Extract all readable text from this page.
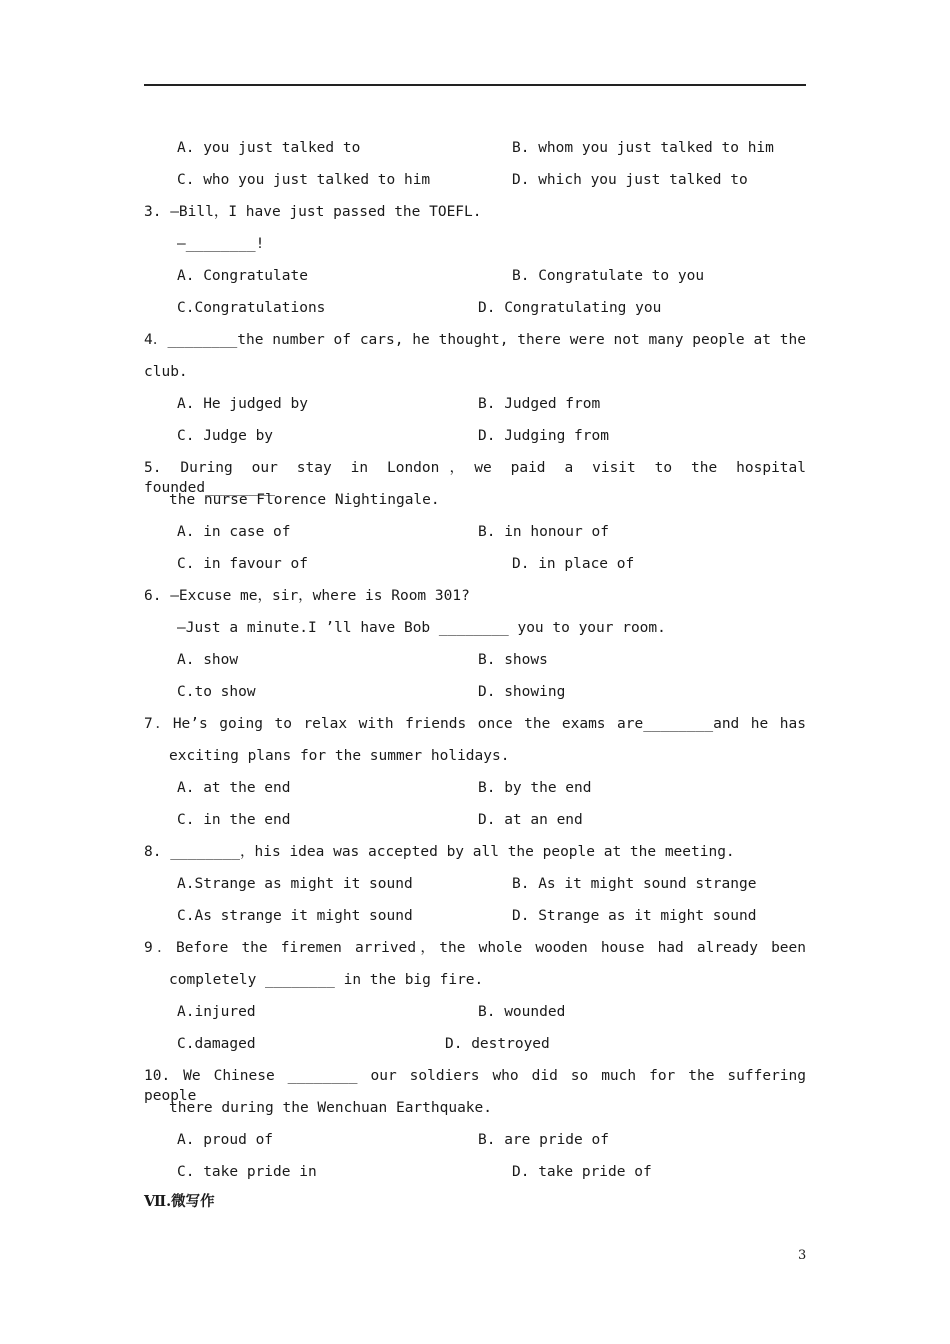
A. you just talked to	B. whom you just talked to him
C. who you just talked to him	D. which you just talked to
3. —Bill，I have just passed the TOEFL.
—________!
A. Congratulate	B. Congratulate to you
C.Congratulations	D. Congratulating you
4．________the number of cars, he thought, there were not many people at the
club.
A. He judged by	B. Judged from
C. Judge by	D. Judging from
5. During our stay in London，we paid a visit to the hospital founded________
the nurse Florence Nightingale.
A. in case of	B. in honour of
C. in favour of	D. in place of
6. —Excuse me，sir，where is Room 301?
—Just a minute.I ’ll have Bob ________ you to your room.
A. show	B. shows
C.to show	D. showing
7．He’s going to relax with friends once the exams are________and he has
exciting plans for the summer holidays.
A. at the end	B. by the end
C. in the end	D. at an end
8. ________，his idea was accepted by all the people at the meeting.
A.Strange as might it sound	B. As it might sound strange
C.As strange it might sound	D. Strange as it might sound
9．Before the firemen arrived，the whole wooden house had already been
completely ________ in the big fire.
A.injured	B. wounded
C.damaged	D. destroyed
10. We Chinese ________ our soldiers who did so much for the suffering people
there during the Wenchuan Earthquake.
A. proud of	B. are pride of
C. take pride in	D. take pride of
Ⅶ.微写作
3
